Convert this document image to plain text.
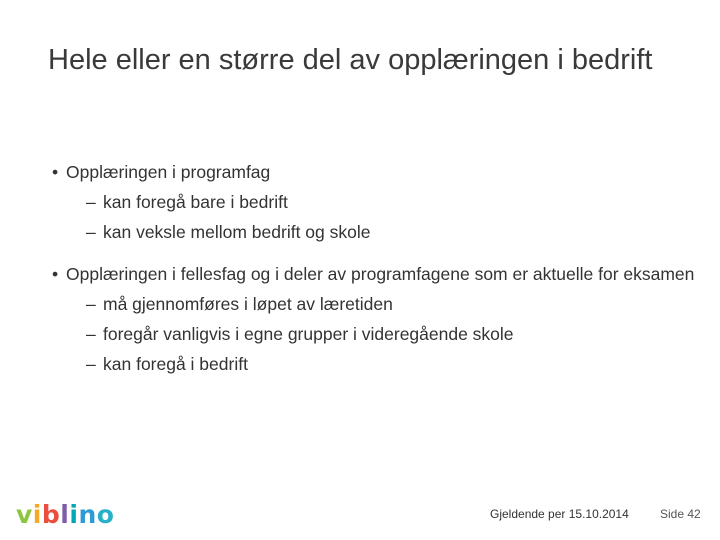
Hele eller en større del av opplæringen i bedrift
• Opplæringen i programfag
– kan foregå bare i bedrift
– kan veksle mellom bedrift og skole
• Opplæringen i fellesfag og i deler av programfagene som er aktuelle for eksamen
– må gjennomføres i løpet av læretiden
– foregår vanligvis i egne grupper i videregående skole
– kan foregå i bedrift
viblino	Gjeldende per 15.10.2014	Side 42
